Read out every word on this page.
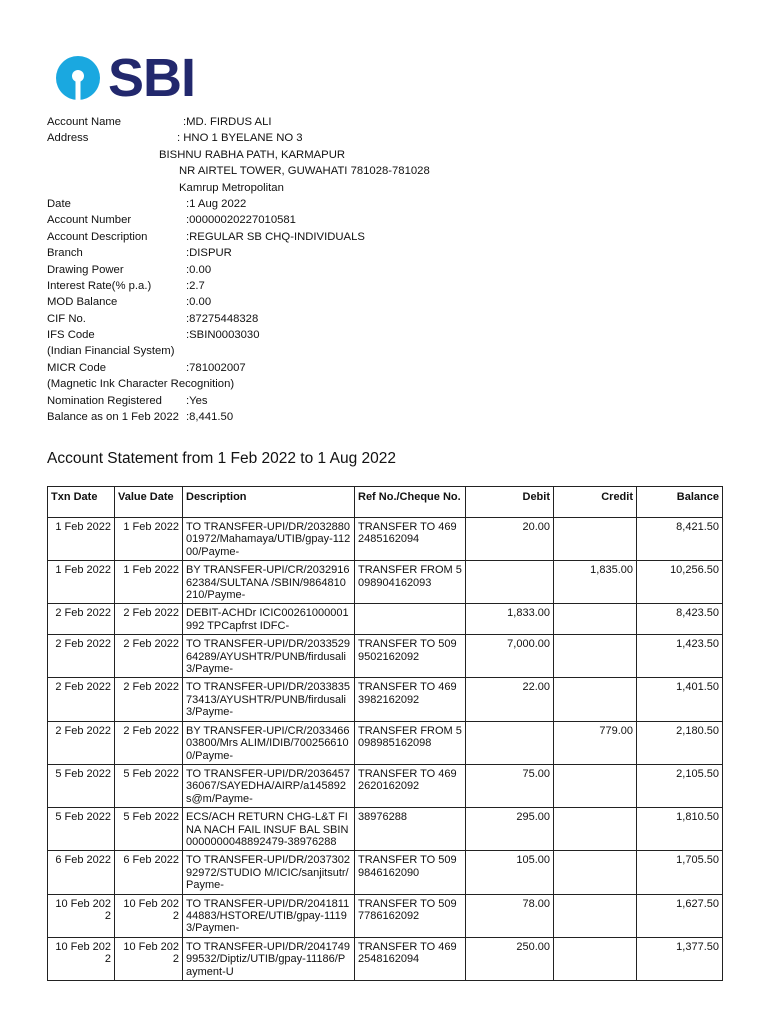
SBI
Account Name	:MD. FIRDUS ALI
Address	: HNO 1 BYELANE NO 3
BISHNU RABHA PATH, KARMAPUR
NR AIRTEL TOWER, GUWAHATI 781028-781028
Kamrup Metropolitan
Date	:1 Aug 2022
Account Number	:00000020227010581
Account Description	:REGULAR SB CHQ-INDIVIDUALS
Branch	:DISPUR
Drawing Power	:0.00
Interest Rate(% p.a.)	:2.7
MOD Balance	:0.00
CIF No.	:87275448328
IFS Code	:SBIN0003030
(Indian Financial System)
MICR Code	:781002007
(Magnetic Ink Character Recognition)
Nomination Registered :Yes
Balance as on 1 Feb 2022 :8,441.50
Account Statement from 1 Feb 2022 to 1 Aug 2022
Txn Date	Value Date	Description	Ref No./Cheque No.	Debit	Credit	Balance
1 Feb 2022	1 Feb 2022	TO TRANSFER-UPI/DR/203288001972/Mahamaya/UTIB/gpay-11200/Payme-	TRANSFER TO 4692485162094	20.00		8,421.50
1 Feb 2022	1 Feb 2022	BY TRANSFER-UPI/CR/203291662384/SULTANA /SBIN/9864810210/Payme-	TRANSFER FROM 5098904162093		1,835.00	10,256.50
2 Feb 2022	2 Feb 2022	DEBIT-ACHDr ICIC00261000001992 TPCapfrst IDFC-		1,833.00		8,423.50
2 Feb 2022	2 Feb 2022	TO TRANSFER-UPI/DR/203352964289/AYUSHTR/PUNB/firdusali3/Payme-	TRANSFER TO 5099502162092	7,000.00		1,423.50
2 Feb 2022	2 Feb 2022	TO TRANSFER-UPI/DR/203383573413/AYUSHTR/PUNB/firdusali3/Payme-	TRANSFER TO 4693982162092	22.00		1,401.50
2 Feb 2022	2 Feb 2022	BY TRANSFER-UPI/CR/203346603800/Mrs ALIM/IDIB/7002566100/Payme-	TRANSFER FROM 5098985162098		779.00	2,180.50
5 Feb 2022	5 Feb 2022	TO TRANSFER-UPI/DR/203645736067/SAYEDHA/AIRP/a145892s@m/Payme-	TRANSFER TO 4692620162092	75.00		2,105.50
5 Feb 2022	5 Feb 2022	ECS/ACH RETURN CHG-L&T FINA NACH FAIL INSUF BAL SBIN0000000048892479-38976288	38976288	295.00		1,810.50
6 Feb 2022	6 Feb 2022	TO TRANSFER-UPI/DR/203730292972/STUDIO M/ICIC/sanjitsutr/Payme-	TRANSFER TO 5099846162090	105.00		1,705.50
10 Feb 2022	10 Feb 2022	TO TRANSFER-UPI/DR/204181144883/HSTORE/UTIB/gpay-11193/Paymen-	TRANSFER TO 5097786162092	78.00		1,627.50
10 Feb 2022	10 Feb 2022	TO TRANSFER-UPI/DR/204174999532/Diptiz/UTIB/gpay-11186/Payment-U	TRANSFER TO 4692548162094	250.00		1,377.50
